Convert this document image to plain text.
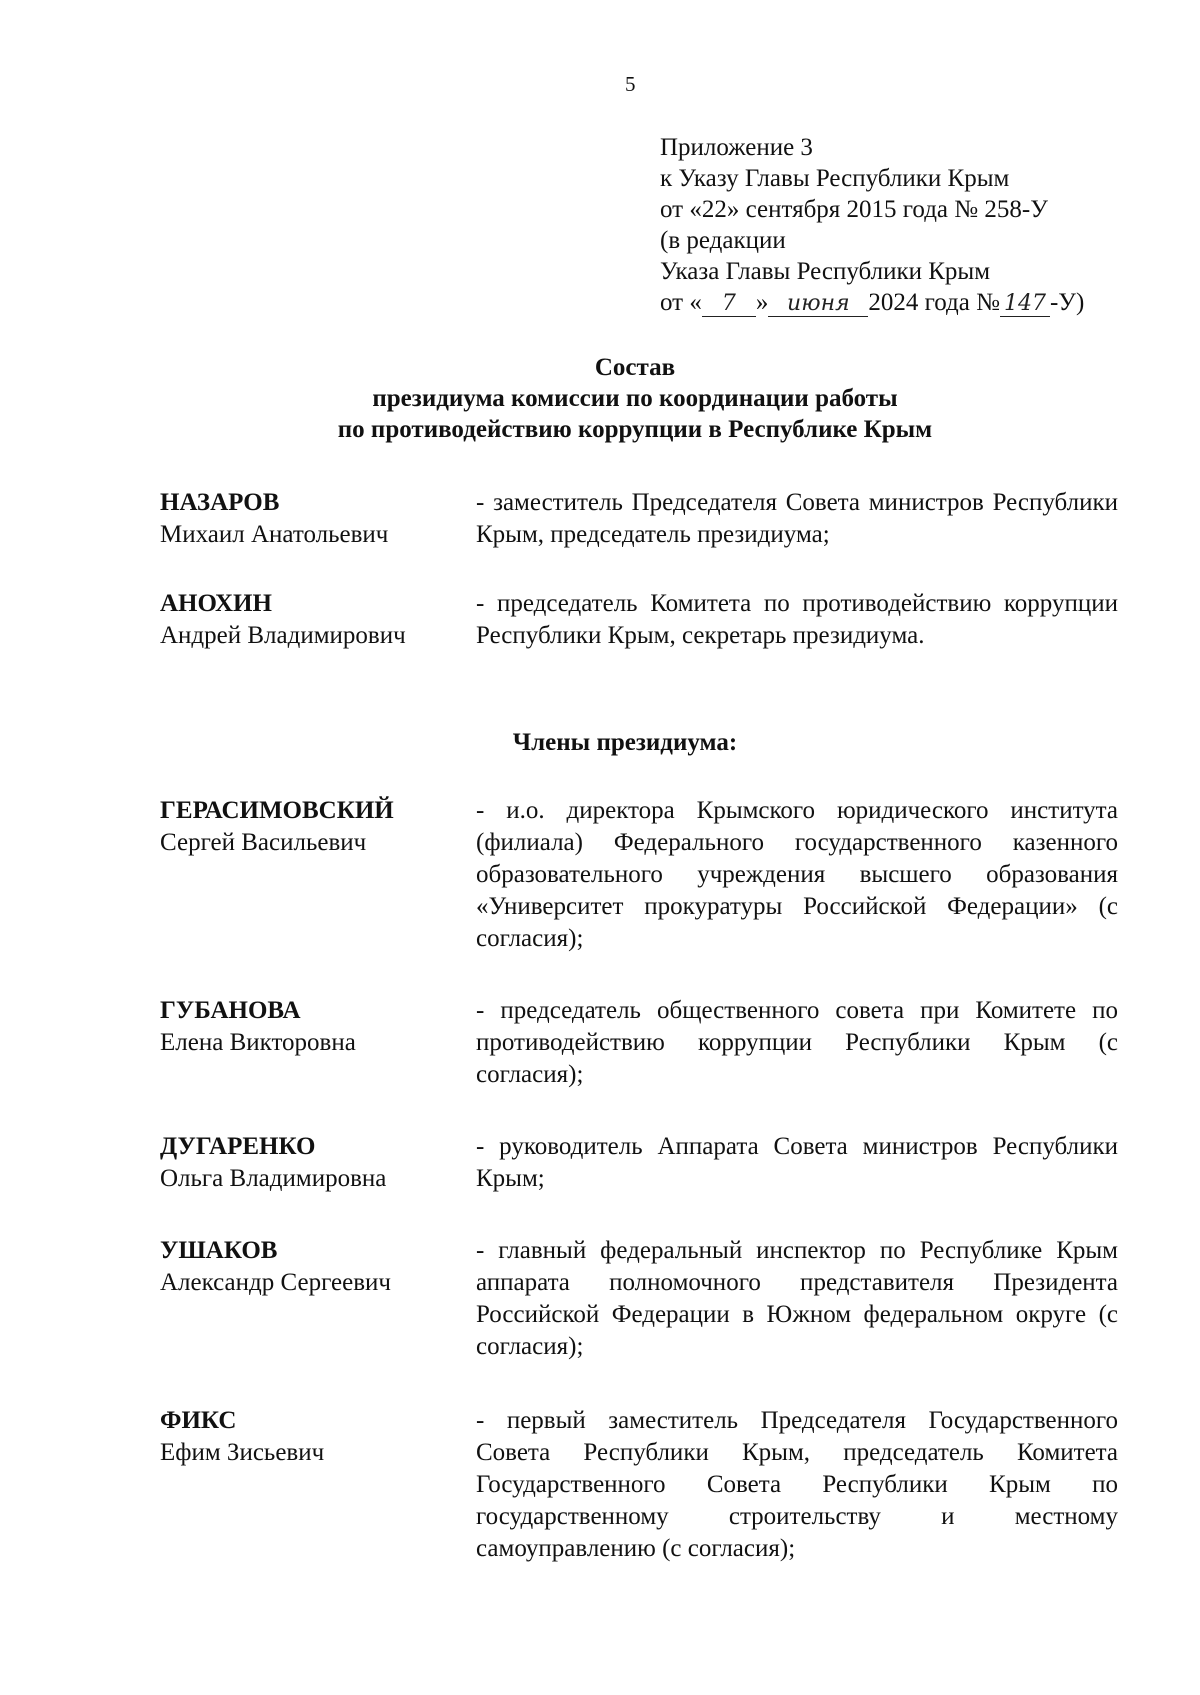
5
Приложение 3
к Указу Главы Республики Крым
от «22» сентября 2015 года № 258-У
(в редакции
Указа Главы Республики Крым
от « 7 » июня 2024 года № 147 -У)
Состав
президиума комиссии по координации работы
по противодействию коррупции в Республике Крым
НАЗАРОВ
Михаил Анатольевич
- заместитель Председателя Совета министров Республики Крым, председатель президиума;
АНОХИН
Андрей Владимирович
- председатель Комитета по противодействию коррупции Республики Крым, секретарь президиума.
Члены президиума:
ГЕРАСИМОВСКИЙ
Сергей Васильевич
- и.о. директора Крымского юридического института (филиала) Федерального государственного казенного образовательного учреждения высшего образования «Университет прокуратуры Российской Федерации» (с согласия);
ГУБАНОВА
Елена Викторовна
- председатель общественного совета при Комитете по противодействию коррупции Республики Крым (с согласия);
ДУГАРЕНКО
Ольга Владимировна
- руководитель Аппарата Совета министров Республики Крым;
УШАКОВ
Александр Сергеевич
- главный федеральный инспектор по Республике Крым аппарата полномочного представителя Президента Российской Федерации в Южном федеральном округе (с согласия);
ФИКС
Ефим Зисьевич
- первый заместитель Председателя Государственного Совета Республики Крым, председатель Комитета Государственного Совета Республики Крым по государственному строительству и местному самоуправлению (с согласия);
